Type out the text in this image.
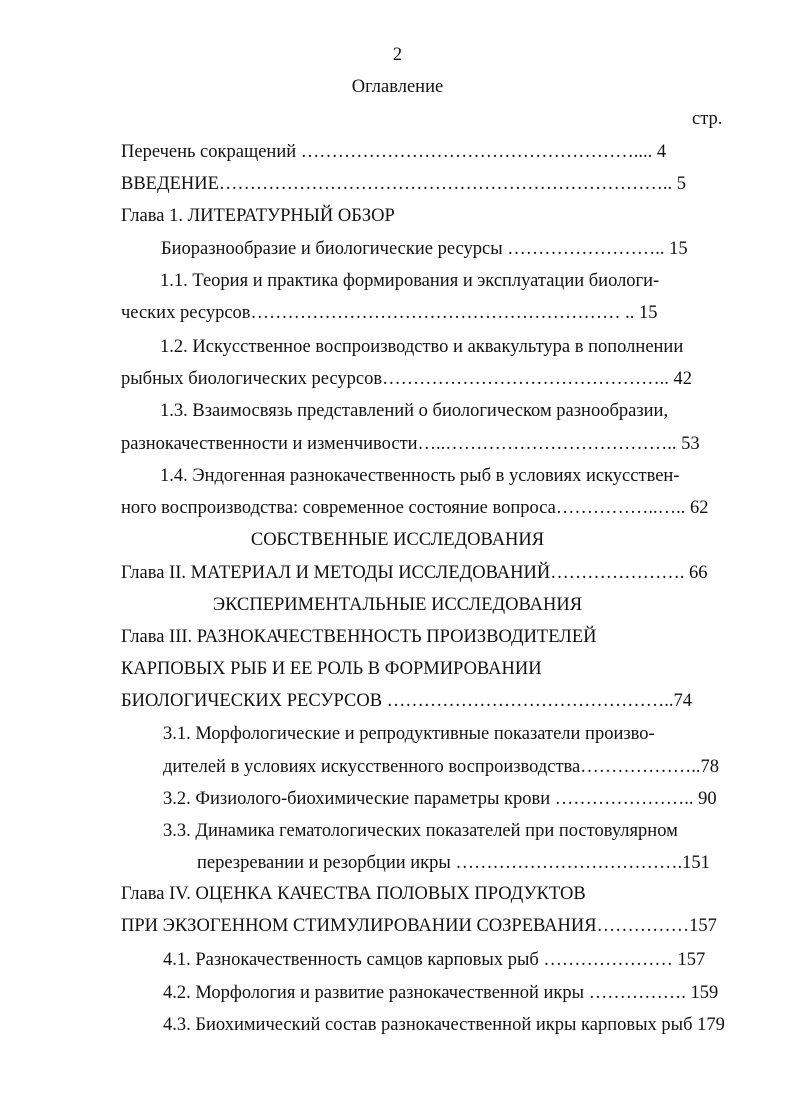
2
Оглавление
стр.
Перечень сокращений ……………………………………………….... 4
ВВЕДЕНИЕ……………………………………………………………….. 5
Глава 1. ЛИТЕРАТУРНЫЙ ОБЗОР
Биоразнообразие и биологические ресурсы …………………….. 15
1.1. Теория и практика формирования и эксплуатации биологи-
ческих ресурсов…………………………………………………… .. 15
1.2. Искусственное воспроизводство и аквакультура в пополнении
рыбных биологических ресурсов……………………………………….. 42
1.3. Взаимосвязь представлений о биологическом разнообразии,
разнокачественности и изменчивости…..……………………………….. 53
1.4. Эндогенная разнокачественность рыб в условиях искусствен-
ного воспроизводства: современное состояние вопроса……………..….. 62
СОБСТВЕННЫЕ ИССЛЕДОВАНИЯ
Глава II. МАТЕРИАЛ И МЕТОДЫ ИССЛЕДОВАНИЙ…………………. 66
ЭКСПЕРИМЕНТАЛЬНЫЕ ИССЛЕДОВАНИЯ
Глава III. РАЗНОКАЧЕСТВЕННОСТЬ ПРОИЗВОДИТЕЛЕЙ
КАРПОВЫХ РЫБ И ЕЕ РОЛЬ В ФОРМИРОВАНИИ
БИОЛОГИЧЕСКИХ РЕСУРСОВ ………………………………………..74
3.1. Морфологические и репродуктивные показатели произво-
дителей в условиях искусственного воспроизводства………………..78
3.2. Физиолого-биохимические параметры крови ………………….. 90
3.3. Динамика гематологических показателей при постовулярном
перезревании и резорбции икры ……………………………….151
Глава IV. ОЦЕНКА КАЧЕСТВА ПОЛОВЫХ ПРОДУКТОВ
ПРИ ЭКЗОГЕННОМ СТИМУЛИРОВАНИИ СОЗРЕВАНИЯ……………157
4.1. Разнокачественность самцов карповых рыб ………………… 157
4.2. Морфология и развитие разнокачественной икры ……………. 159
4.3. Биохимический состав разнокачественной икры карповых рыб 179
